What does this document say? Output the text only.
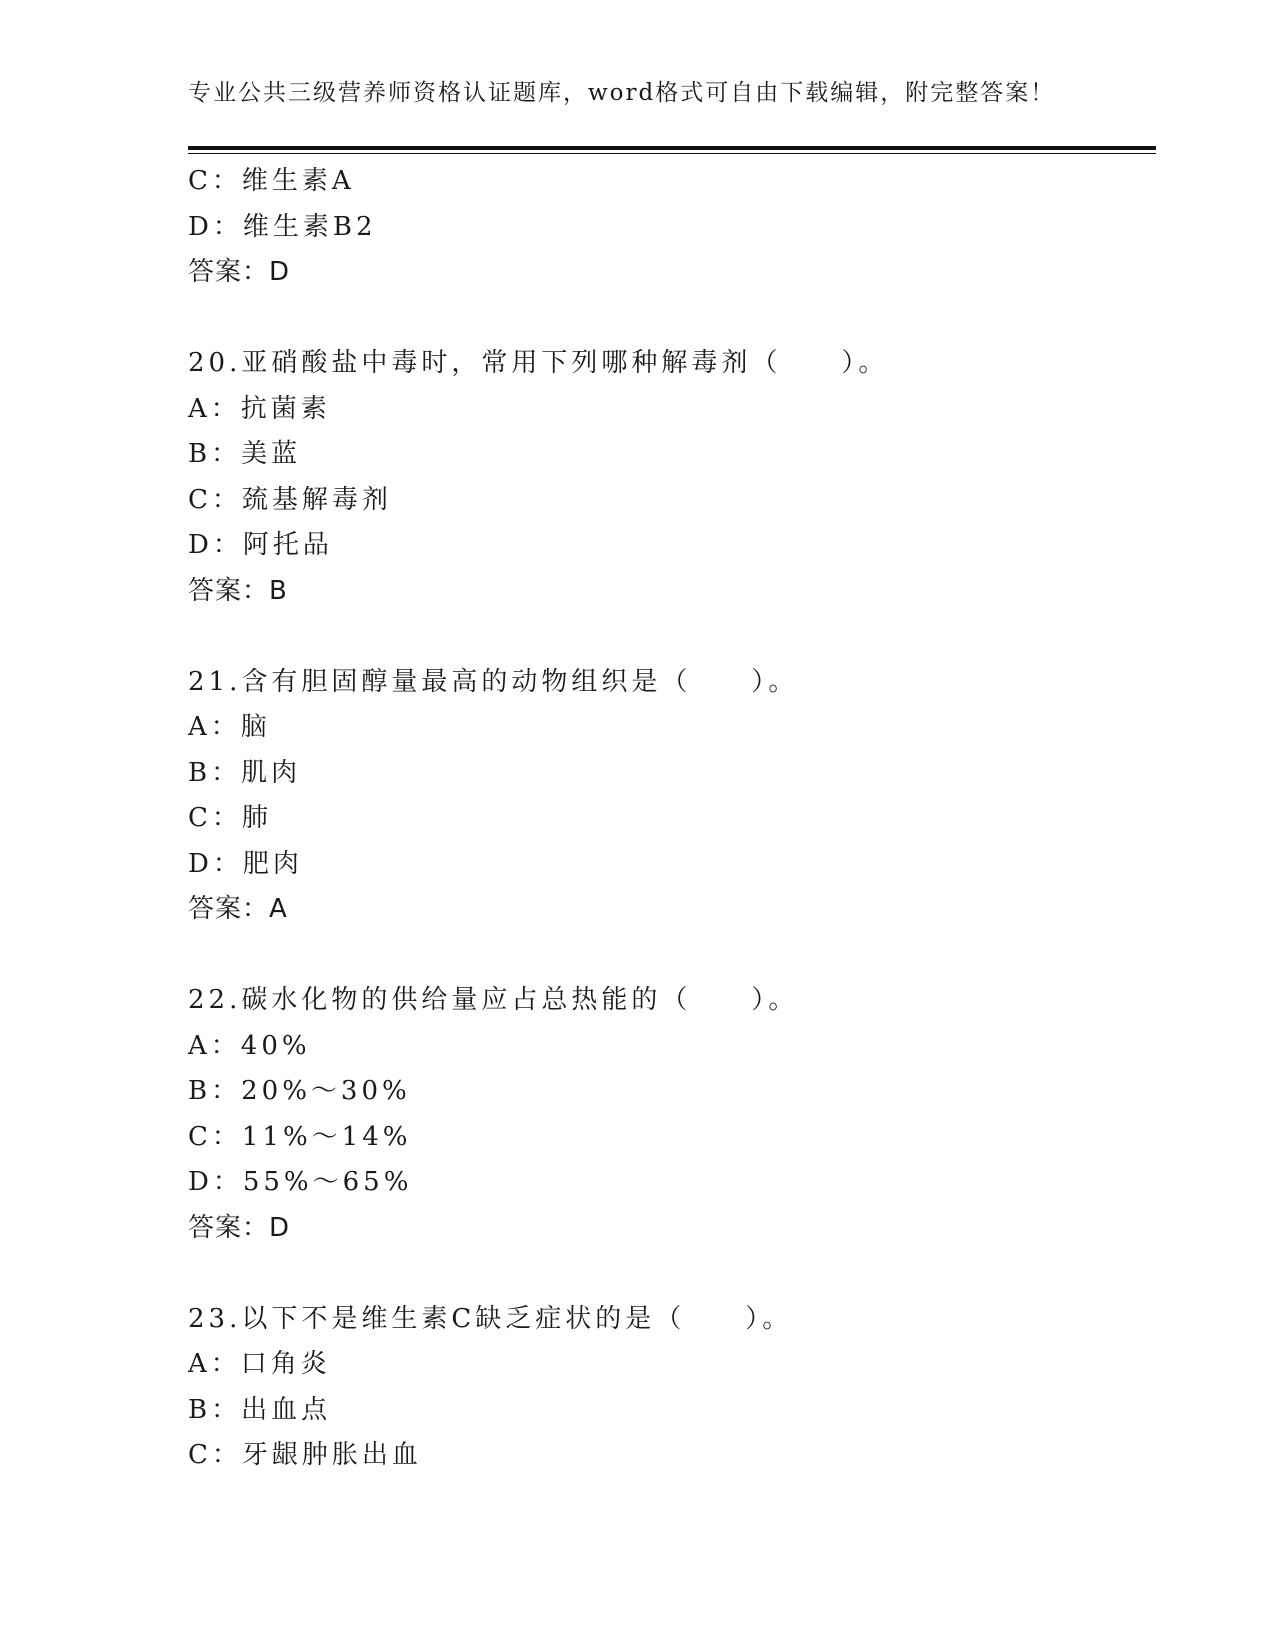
专业公共三级营养师资格认证题库，word格式可自由下载编辑，附完整答案！
C：维生素A
D：维生素B2
答案：D
20.亚硝酸盐中毒时，常用下列哪种解毒剂（　　）。
A：抗菌素
B：美蓝
C：巯基解毒剂
D：阿托品
答案：B
21.含有胆固醇量最高的动物组织是（　　）。
A：脑
B：肌肉
C：肺
D：肥肉
答案：A
22.碳水化物的供给量应占总热能的（　　）。
A：40%
B：20%～30%
C：11%～14%
D：55%～65%
答案：D
23.以下不是维生素C缺乏症状的是（　　）。
A：口角炎
B：出血点
C：牙龈肿胀出血
